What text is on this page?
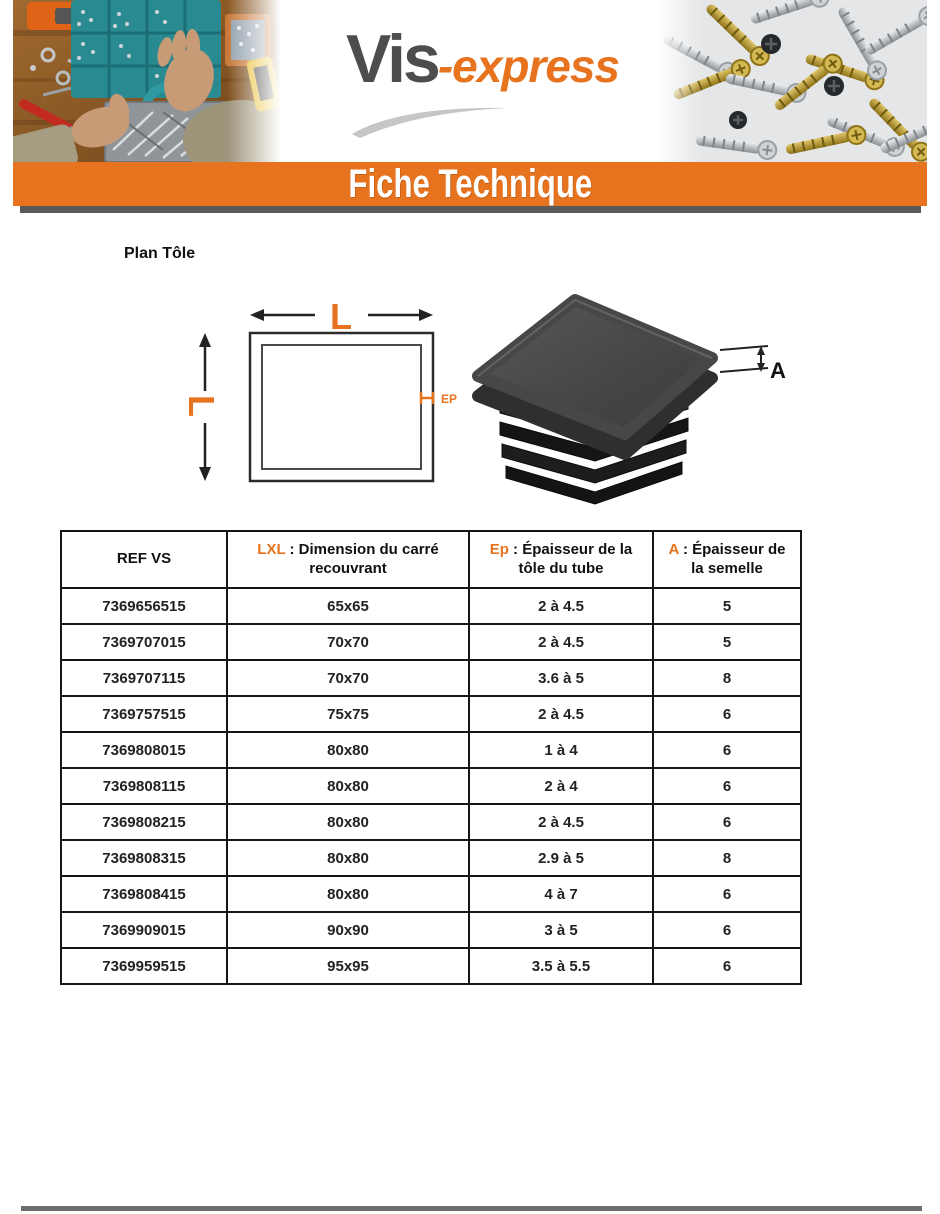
Vis-express
Fiche Technique
Plan Tôle
L
L	EP
A
REF VS	LXL : Dimension du carré recouvrant	Ep : Épaisseur de la tôle du tube	A : Épaisseur de la semelle
7369656515	65x65	2 à 4.5	5
7369707015	70x70	2 à 4.5	5
7369707115	70x70	3.6 à 5	8
7369757515	75x75	2 à 4.5	6
7369808015	80x80	1 à 4	6
7369808115	80x80	2 à 4	6
7369808215	80x80	2 à 4.5	6
7369808315	80x80	2.9 à 5	8
7369808415	80x80	4 à 7	6
7369909015	90x90	3 à 5	6
7369959515	95x95	3.5 à 5.5	6
